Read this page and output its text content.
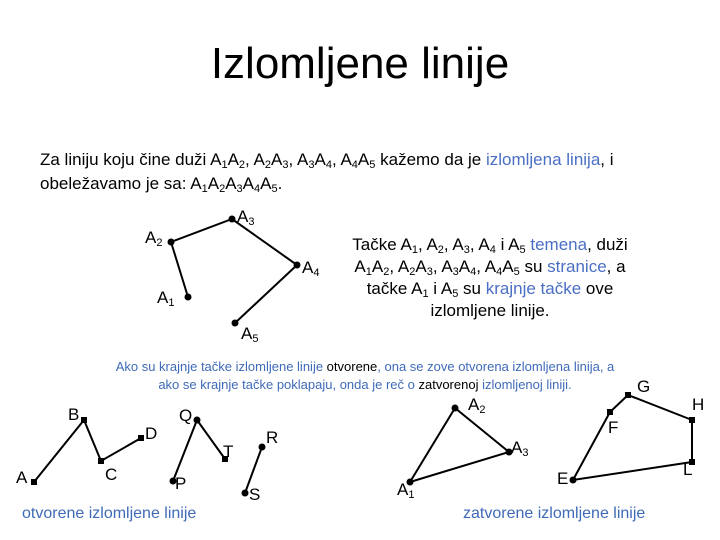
Izlomljene linije
Za liniju koju čine duži $A_1A_2$, $A_2A_3$, $A_3A_4$, $A_4A_5$ kažemo da je izlomljena linija, i
obeležavamo je sa: $A_1A_2A_3A_4A_5$.
$A_2$
$A_3$
$A_4$
$A_1$
$A_5$
Tačke $A_1$, $A_2$, $A_3$, $A_4$ i $A_5$ temena, duži
$A_1A_2$, $A_2A_3$, $A_3A_4$, $A_4A_5$ su stranice, a
tačke $A_1$ i $A_5$ su krajnje tačke ove
izlomljene linije.
Ako su krajnje tačke izlomljene linije otvorene, ona se zove otvorena izlomljena linija, a
ako se krajnje tačke poklapaju, onda je reč o zatvorenoj izlomljenoj liniji.
B	Q
D	R
T
A	C	P
S
otvorene izlomljene linije
$A_2$
$A_3$
$A_1$
G
H
F
L
E
zatvorene izlomljene linije
